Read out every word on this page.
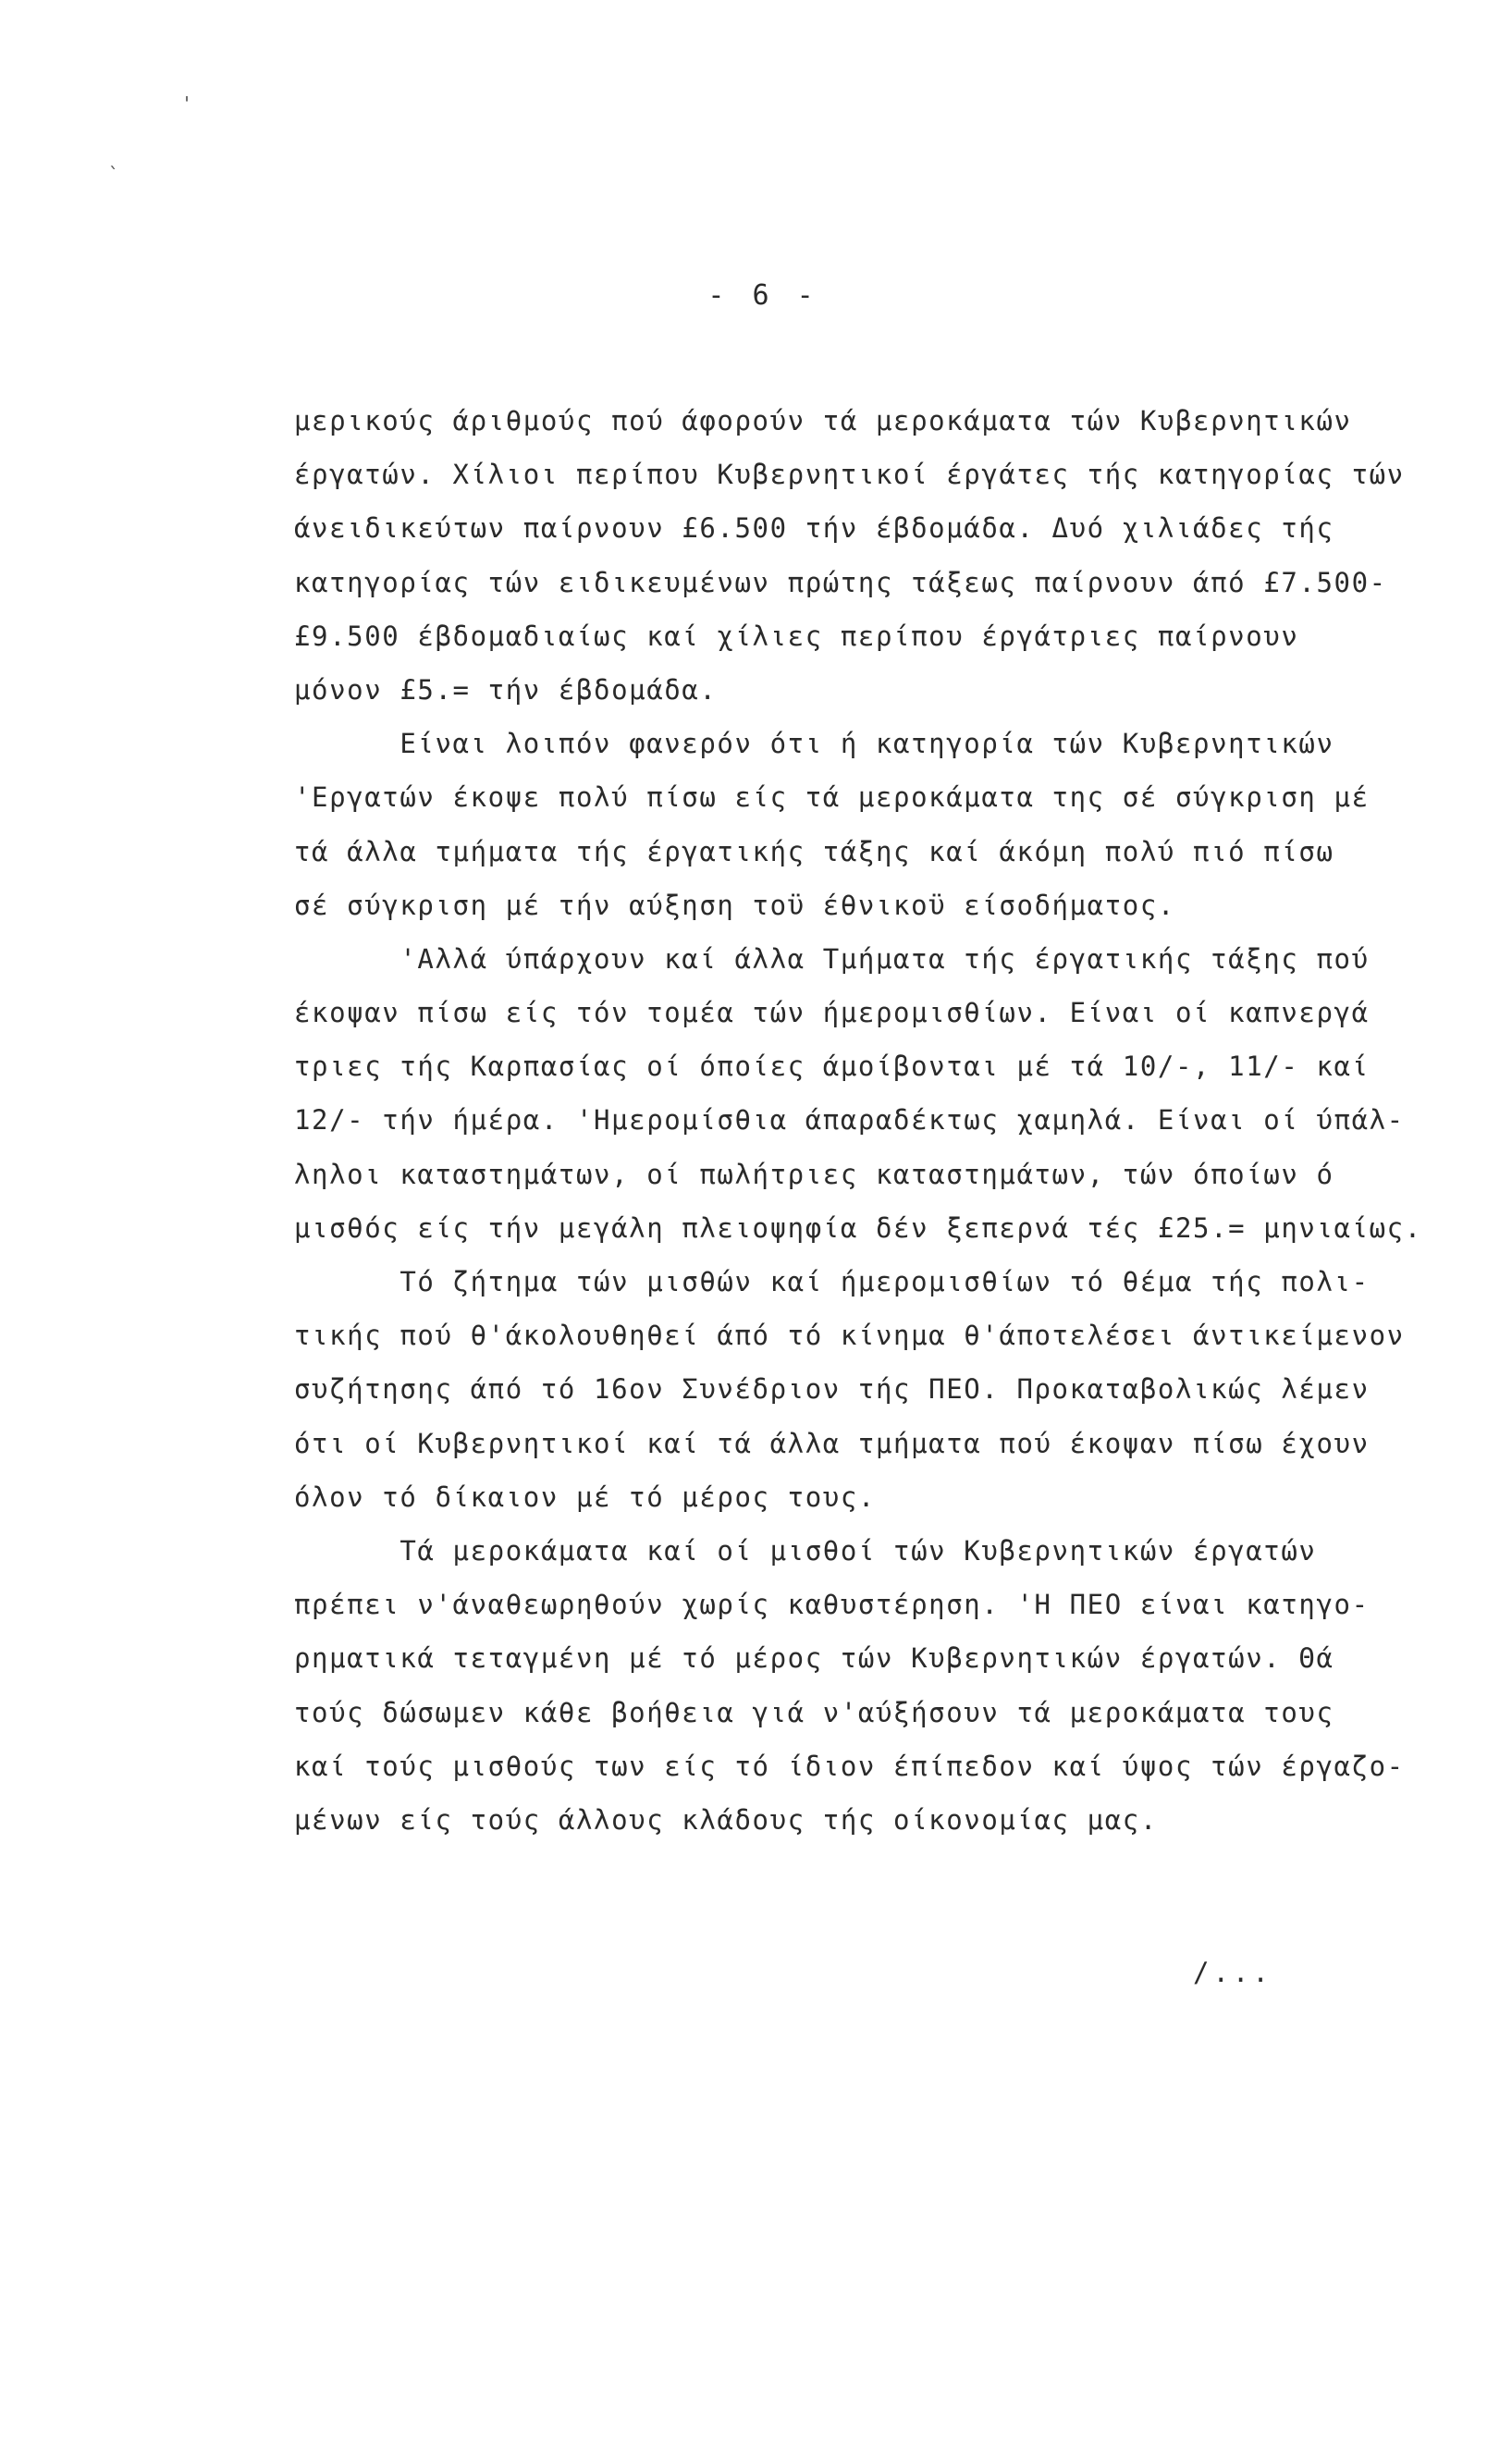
'
ˎ
- 6 -
μερικούς άριθμούς πού άφορούν τά μεροκάματα τών Κυβερνητικών
έργατών. Χίλιοι περίπου Κυβερνητικοί έργάτες τής κατηγορίας τών
άνειδικεύτων παίρνουν £6.500 τήν έβδομάδα. Δυό χιλιάδες τής
κατηγορίας τών ειδικευμένων πρώτης τάξεως παίρνουν άπό £7.500-
£9.500 έβδομαδιαίως καί χίλιες περίπου έργάτριες παίρνουν
μόνον £5.= τήν έβδομάδα.
Είναι λοιπόν φανερόν ότι ή κατηγορία τών Κυβερνητικών
'Εργατών έκοψε πολύ πίσω είς τά μεροκάματα της σέ σύγκριση μέ
τά άλλα τμήματα τής έργατικής τάξης καί άκόμη πολύ πιό πίσω
σέ σύγκριση μέ τήν αύξηση τοϋ έθνικοϋ είσοδήματος.
'Αλλά ύπάρχουν καί άλλα Τμήματα τής έργατικής τάξης πού
έκοψαν πίσω είς τόν τομέα τών ήμερομισθίων. Είναι οί καπνεργά
τριες τής Καρπασίας οί όποίες άμοίβονται μέ τά 10/-, 11/- καί
12/- τήν ήμέρα. 'Ημερομίσθια άπαραδέκτως χαμηλά. Είναι οί ύπάλ-
ληλοι καταστημάτων, οί πωλήτριες καταστημάτων, τών όποίων ό
μισθός είς τήν μεγάλη πλειοψηφία δέν ξεπερνά τές £25.= μηνιαίως.
Τό ζήτημα τών μισθών καί ήμερομισθίων τό θέμα τής πολι-
τικής πού θ'άκολουθηθεί άπό τό κίνημα θ'άποτελέσει άντικείμενον
συζήτησης άπό τό 16ον Συνέδριον τής ΠΕΟ. Προκαταβολικώς λέμεν
ότι οί Κυβερνητικοί καί τά άλλα τμήματα πού έκοψαν πίσω έχουν
όλον τό δίκαιον μέ τό μέρος τους.
Τά μεροκάματα καί οί μισθοί τών Κυβερνητικών έργατών
πρέπει ν'άναθεωρηθούν χωρίς καθυστέρηση. 'Η ΠΕΟ είναι κατηγο-
ρηματικά τεταγμένη μέ τό μέρος τών Κυβερνητικών έργατών. Θά
τούς δώσωμεν κάθε βοήθεια γιά ν'αύξήσουν τά μεροκάματα τους
καί τούς μισθούς των είς τό ίδιον έπίπεδον καί ύψος τών έργαζο-
μένων είς τούς άλλους κλάδους τής οίκονομίας μας.
/...
